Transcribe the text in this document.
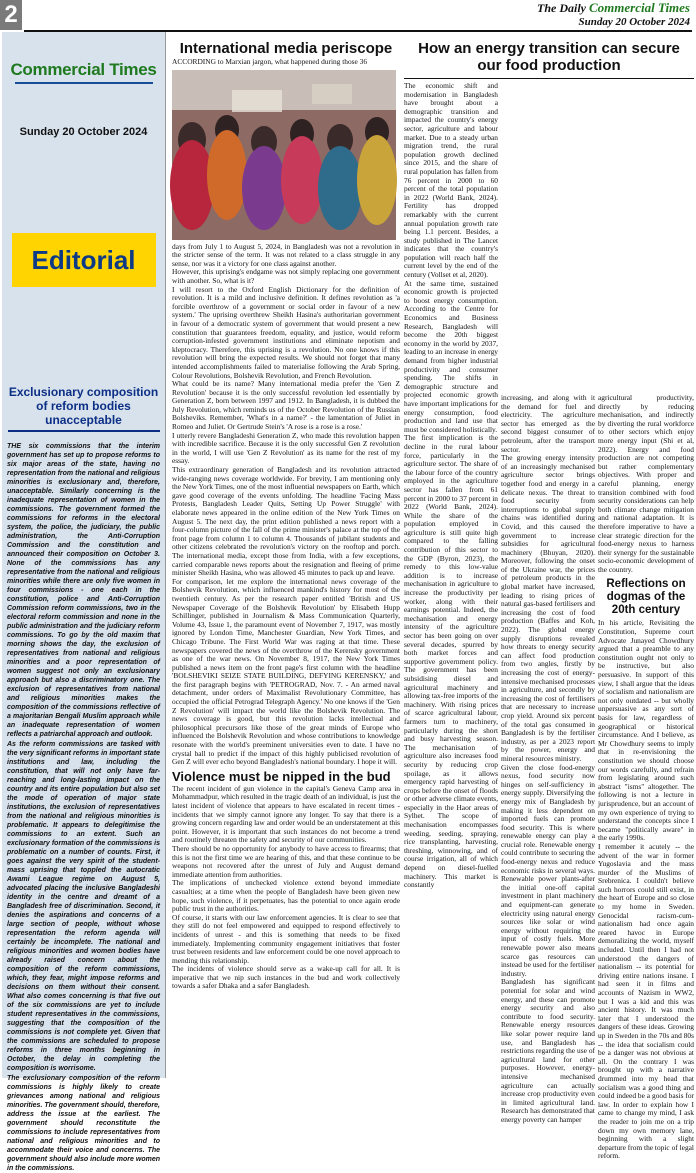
2	The Daily Commercial Times
Sunday 20 October 2024
Commercial Times
Sunday 20 October 2024
Editorial
Exclusionary composition of reform bodies unacceptable

THE six commissions that the interim government has set up to propose reforms to six major areas of the state, having no representation from the national and religious minorities is exclusionary and, therefore, unacceptable. Similarly concerning is the inadequate representation of women in the commissions. The government formed the commissions for reforms in the electoral system, the police, the judiciary, the public administration, the Anti-Corruption Commission and the constitution and announced their composition on October 3. None of the commissions has any representative from the national and religious minorities while there are only five women in four commissions - one each in the constitution, police and Anti-Corruption Commission reform commissions, two in the electoral reform commission and none in the public administration and the judiciary reform commissions. To go by the old maxim that morning shows the day, the exclusion of representatives from national and religious minorities and a poor representation of women suggest not only an exclusionary approach but also a discriminatory one. The exclusion of representatives from national and religious minorities makes the composition of the commissions reflective of a majoritarian Bengali Muslim approach while an inadequate representation of women reflects a patriarchal approach and outlook.

As the reform commissions are tasked with the very significant reforms in important state institutions and law, including the constitution, that will not only have far-reaching and long-lasting impact on the country and its entire population but also set the mode of operation of major state institutions, the exclusion of representatives from the national and religious minorities is problematic. It appears to delegitimise the commissions to an extent. Such an exclusionary formation of the commissions is problematic on a number of counts. First, it goes against the very spirit of the student-mass uprising that toppled the autocratic Awami League regime on August 5, advocated placing the inclusive Bangladeshi identity in the centre and dreamt of a Bangladesh free of discrimination. Second, it denies the aspirations and concerns of a large section of people, without whose representation the reform agenda will certainly be incomplete. The national and religious minorities and women bodies have already raised concern about the composition of the reform commissions, which, they fear, might impose reforms and decisions on them without their consent. What also comes concerning is that five out of the six commissions are yet to include student representatives in the commissions, suggesting that the composition of the commissions is not complete yet. Given that the commissions are scheduled to propose reforms in three months beginning in October, the delay in completing the composition is worrisome.

The exclusionary composition of the reform commissions is highly likely to create grievances among national and religious minorities. The government should, therefore, address the issue at the earliest. The government should reconstitute the commissions to include representatives from national and religious minorities and to accommodate their voice and concerns. The government should also include more women in the commissions.

International media periscope
ACCORDING to Marxian jargon, what happened during those 36

days from July 1 to August 5, 2024, in Bangladesh was not a revolution in the stricter sense of the term. It was not related to a class struggle in any sense, nor was it a victory for one class against another.

However, this uprising's endgame was not simply replacing one government with another. So, what is it?

I will resort to the Oxford English Dictionary for the definition of revolution. It is a mild and inclusive definition. It defines revolution as 'a forcible overthrow of a government or social order in favour of a new system.' The uprising overthrew Sheikh Hasina's authoritarian government in favour of a democratic system of government that would present a new constitution that guarantees freedom, equality, and justice, would reform corruption-infested government institutions and eliminate nepotism and kleptocracy. Therefore, this uprising is a revolution. No one knows if this revolution will bring the expected results. We should not forget that many intended accomplishments failed to materialise following the Arab Spring, Colour Revolutions, Bolshevik Revolution, and French Revolution.

What could be its name? Many international media prefer the 'Gen Z Revolution' because it is the only successful revolution led essentially by Generation Z, born between 1997 and 1912. In Bangladesh, it is dubbed the July Revolution, which reminds us of the October Revolution of the Russian Bolsheviks. Remember, 'What's in a name?' - the lamentation of Juliet in Romeo and Juliet. Or Gertrude Stein's 'A rose is a rose is a rose.'

I utterly revere Bangladeshi Generation Z, who made this revolution happen with incredible sacrifice. Because it is the only successful Gen Z revolution in the world, I will use 'Gen Z Revolution' as its name for the rest of my essay.

This extraordinary generation of Bangladesh and its revolution attracted wide-ranging news coverage worldwide. For brevity, I am mentioning only the New York Times, one of the most influential newspapers on Earth, which gave good coverage of the events unfolding. The headline 'Facing Mass Protests, Bangladesh Leader Quits, Setting Up Power Struggle' with elaborate news appeared in the online edition of the New York Times on August 5. The next day, the print edition published a news report with a four-column picture of the fall of the prime minister's palace at the top of the front page from column 1 to column 4. Thousands of jubilant students and other citizens celebrated the revolution's victory on the rooftop and porch. The international media, except those from India, with a few exceptions, carried comparable news reports about the resignation and fleeing of prime minister Sheikh Hasina, who was allowed 45 minutes to pack up and leave.

For comparison, let me explore the international news coverage of the Bolshevik Revolution, which influenced mankind's history for most of the twentieth century. As per the research paper entitled 'British and US Newspaper Coverage of the Bolshevik Revolution' by Elisabeth Hupp Schillinger, published in Journalism & Mass Communication Quarterly, Volume 43, Issue 1, the paramount event of November 7, 1917, was mostly ignored by London Time, Manchester Guardian, New York Times, and Chicago Tribune. The First World War was raging at that time. These newspapers covered the news of the overthrow of the Kerensky government as one of the war news. On November 8, 1917, the New York Times published a news item on the front page's first column with the headline 'BOLSHEVIKI SEIZE STATE BUILDING, DEFYING KERENSKY,' and the first paragraph begins with 'PETROGRAD, Nov. 7. - An armed naval detachment, under orders of Maximalist Revolutionary Committee, has occupied the official Petrograd Telegraph Agency.' No one knows if the 'Gen Z Revolution' will impact the world like the Bolshevik Revolution. The news coverage is good, but this revolution lacks intellectual and philosophical precursors like those of the great minds of Europe who influenced the Bolshevik Revolution and whose contributions to knowledge resonate with the world's preeminent universities even to date. I have no crystal ball to predict if the impact of this highly publicised revolution of Gen Z will ever echo beyond Bangladesh's national boundary. I hope it will.

Violence must be nipped in the bud

The recent incident of gun violence in the capital's Geneva Camp area in Mohammadpur, which resulted in the tragic death of an individual, is just the latest incident of violence that appears to have escalated in recent times - incidents that we simply cannot ignore any longer. To say that there is a growing concern regarding law and order would be an understatement at this point. However, it is important that such instances do not become a trend and routinely threaten the safety and security of our communities.

There should be no opportunity for anybody to have access to firearms; that this is not the first time we are hearing of this, and that these continue to be weapons not recovered after the unrest of July and August demand immediate attention from authorities.

The implications of unchecked violence extend beyond immediate casualties; at a time when the people of Bangladesh have been given new hope, such violence, if it perpetuates, has the potential to once again erode public trust in the authorities.

Of course, it starts with our law enforcement agencies. It is clear to see that they still do not feel empowered and equipped to respond effectively to incidents of unrest - and this is something that needs to be fixed immediately. Implementing community engagement initiatives that foster trust between residents and law enforcement could be one novel approach to mending this relationship.

The incidents of violence should serve as a wake-up call for all. It is imperative that we nip such instances in the bud and work collectively towards a safer Dhaka and a safer Bangladesh.

How an energy transition can secure our food production

The economic shift and modernisation in Bangladesh have brought about a demographic transition and impacted the country's energy sector, agriculture and labour market. Due to a steady urban migration trend, the rural population growth declined since 2015, and the share of rural population has fallen from 76 percent in 2000 to 60 percent of the total population in 2022 (World Bank, 2024). Fertility has dropped remarkably with the current annual population growth rate being 1.1 percent. Besides, a study published in The Lancet indicates that the country's population will reach half the current level by the end of the century (Vollset et al, 2020).

At the same time, sustained economic growth is projected to boost energy consumption. According to the Centre for Economics and Business Research, Bangladesh will become the 20th biggest economy in the world by 2037, leading to an increase in energy demand from higher industrial productivity and consumer spending. The shifts in demographic structure and projected economic growth have important implications for energy consumption, food production and land use that must be considered holistically.

The first implication is the decline in the rural labour force, particularly in the agriculture sector. The share of the labour force of the country employed in the agriculture sector has fallen from 61 percent in 2000 to 37 percent in 2022 (World Bank, 2024). While the share of the population employed in agriculture is still quite high compared to the falling contribution of this sector to the GDP (Byron, 2023), the remedy to this low-value addition is to increase mechanisation in agriculture to increase the productivity per worker, along with their earnings potential. Indeed, the mechanisation and energy intensity of the agriculture sector has been going on over several decades, spurred by both market forces and supportive government policy. The government has been subsidising diesel and agricultural machinery and allowing tax-free imports of the machinery. With rising prices of scarce agricultural labour, farmers turn to machinery, particularly during the short and busy harvesting season. The mechanisation of agriculture also increases food security by reducing crop spoilage, as it allows emergency rapid harvesting of crops before the onset of floods or other adverse climate events, especially in the Haor areas of Sylhet. The scope of mechanisation encompasses weeding, seeding, spraying, rice transplanting, harvesting, threshing, winnowing, and of course irrigation, all of which depend on diesel-fuelled machinery. This market is constantly

increasing, and along with it the demand for fuel and electricity. The agriculture sector has emerged as the second biggest consumer of petroleum, after the transport sector.

The growing energy intensity of an increasingly mechanised agriculture sector brings together food and energy in a delicate nexus. The threat to food security from interruptions to global supply chains was identified during Covid, and this caused the government to increase subsidies for agricultural machinery (Bhuyan, 2020). Moreover, following the onset of the Ukraine war, the prices of petroleum products in the global market have increased, leading to rising prices of natural gas-based fertilisers and increasing the cost of food production (Baffes and Koh, 2022). The global energy supply disruptions revealed how threats to energy security can affect food production from two angles, firstly by increasing the cost of energy-intensive mechanised processes in agriculture, and secondly by increasing the cost of fertilisers that are necessary to increase crop yield. Around six percent of the total gas consumed in Bangladesh is by the fertiliser industry, as per a 2023 report by the power, energy and mineral resources ministry.

Given the close food-energy nexus, food security now hinges on self-sufficiency in energy supply. Diversifying the energy mix of Bangladesh by making it less dependent on imported fuels can promote food security. This is where renewable energy can play a crucial role. Renewable energy could contribute to securing the food-energy nexus and reduce economic risks in several ways. Renewable power plants-after the initial one-off capital investment in plant machinery and equipment-can generate electricity using natural energy sources like solar or wind energy without requiring the input of costly fuels. More renewable power also means scarce gas resources can instead be used for the fertiliser industry.

Bangladesh has significant potential for solar and wind energy, and these can promote energy security and also contribute to food security. Renewable energy resources like solar power require land use, and Bangladesh has restrictions regarding the use of agricultural land for other purposes. However, energy-intensive mechanised agriculture can actually increase crop productivity even in limited agricultural land. Research has demonstrated that energy poverty can hamper

agricultural productivity, directly by reducing mechanisation, and indirectly by diverting the rural workforce to other sectors which enjoy more energy input (Shi et al, 2022). Energy and food production are not competing but rather complementary objectives. With proper and careful planning, energy transition combined with food security considerations can help both climate change mitigation and national adaptation. It is therefore imperative to have a clear strategic direction for the food-energy nexus to harness their synergy for the sustainable socio-economic development of the country.

Reflections on dogmas of the 20th century

In his article, Revisiting the Constitution, Supreme court Advocate Junayed Chowdhury argued that a preamble to any constitution ought not only to be instructive, but also persuasive. In support of this view, I shall argue that the ideas of socialism and nationalism are not only outdated -- but wholly unpersuasive as any sort of basis for law, regardless of geographical or historical circumstance. And I believe, as Mr Chowdhury seems to imply that in re-envisioning the constitution we should choose our words carefully, and refrain from legislating around such abstract "isms" altogether. The following is not a lecture in jurisprudence, but an account of my own experience of trying to understand the concepts since I became "politically aware" in the early 1990s.

I remember it acutely -- the advent of the war in former Yugoslavia and the mass murder of the Muslims of Srebrenica. I couldn't believe such horrors could still exist, in the heart of Europe and so close to my home in Sweden. Genocidal racism-cum-nationalism had once again reared havoc in Europe demoralizing the world, myself included. Until then I had not understood the dangers of nationalism -- its potential for driving entire nations insane. I had seen it in films and accounts of Nazism in WW2, but I was a kid and this was ancient history. It was much later that I understood the dangers of these ideas. Growing up in Sweden in the 70s and 80s -- the idea that socialism could be a danger was not obvious at all. On the contrary I was brought up with a narrative drummed into my head that socialism was a good thing and could indeed be a good basis for law. In order to explain how I came to change my mind, I ask the reader to join me on a trip down my own memory lane, beginning with a slight departure from the topic of legal reform.
